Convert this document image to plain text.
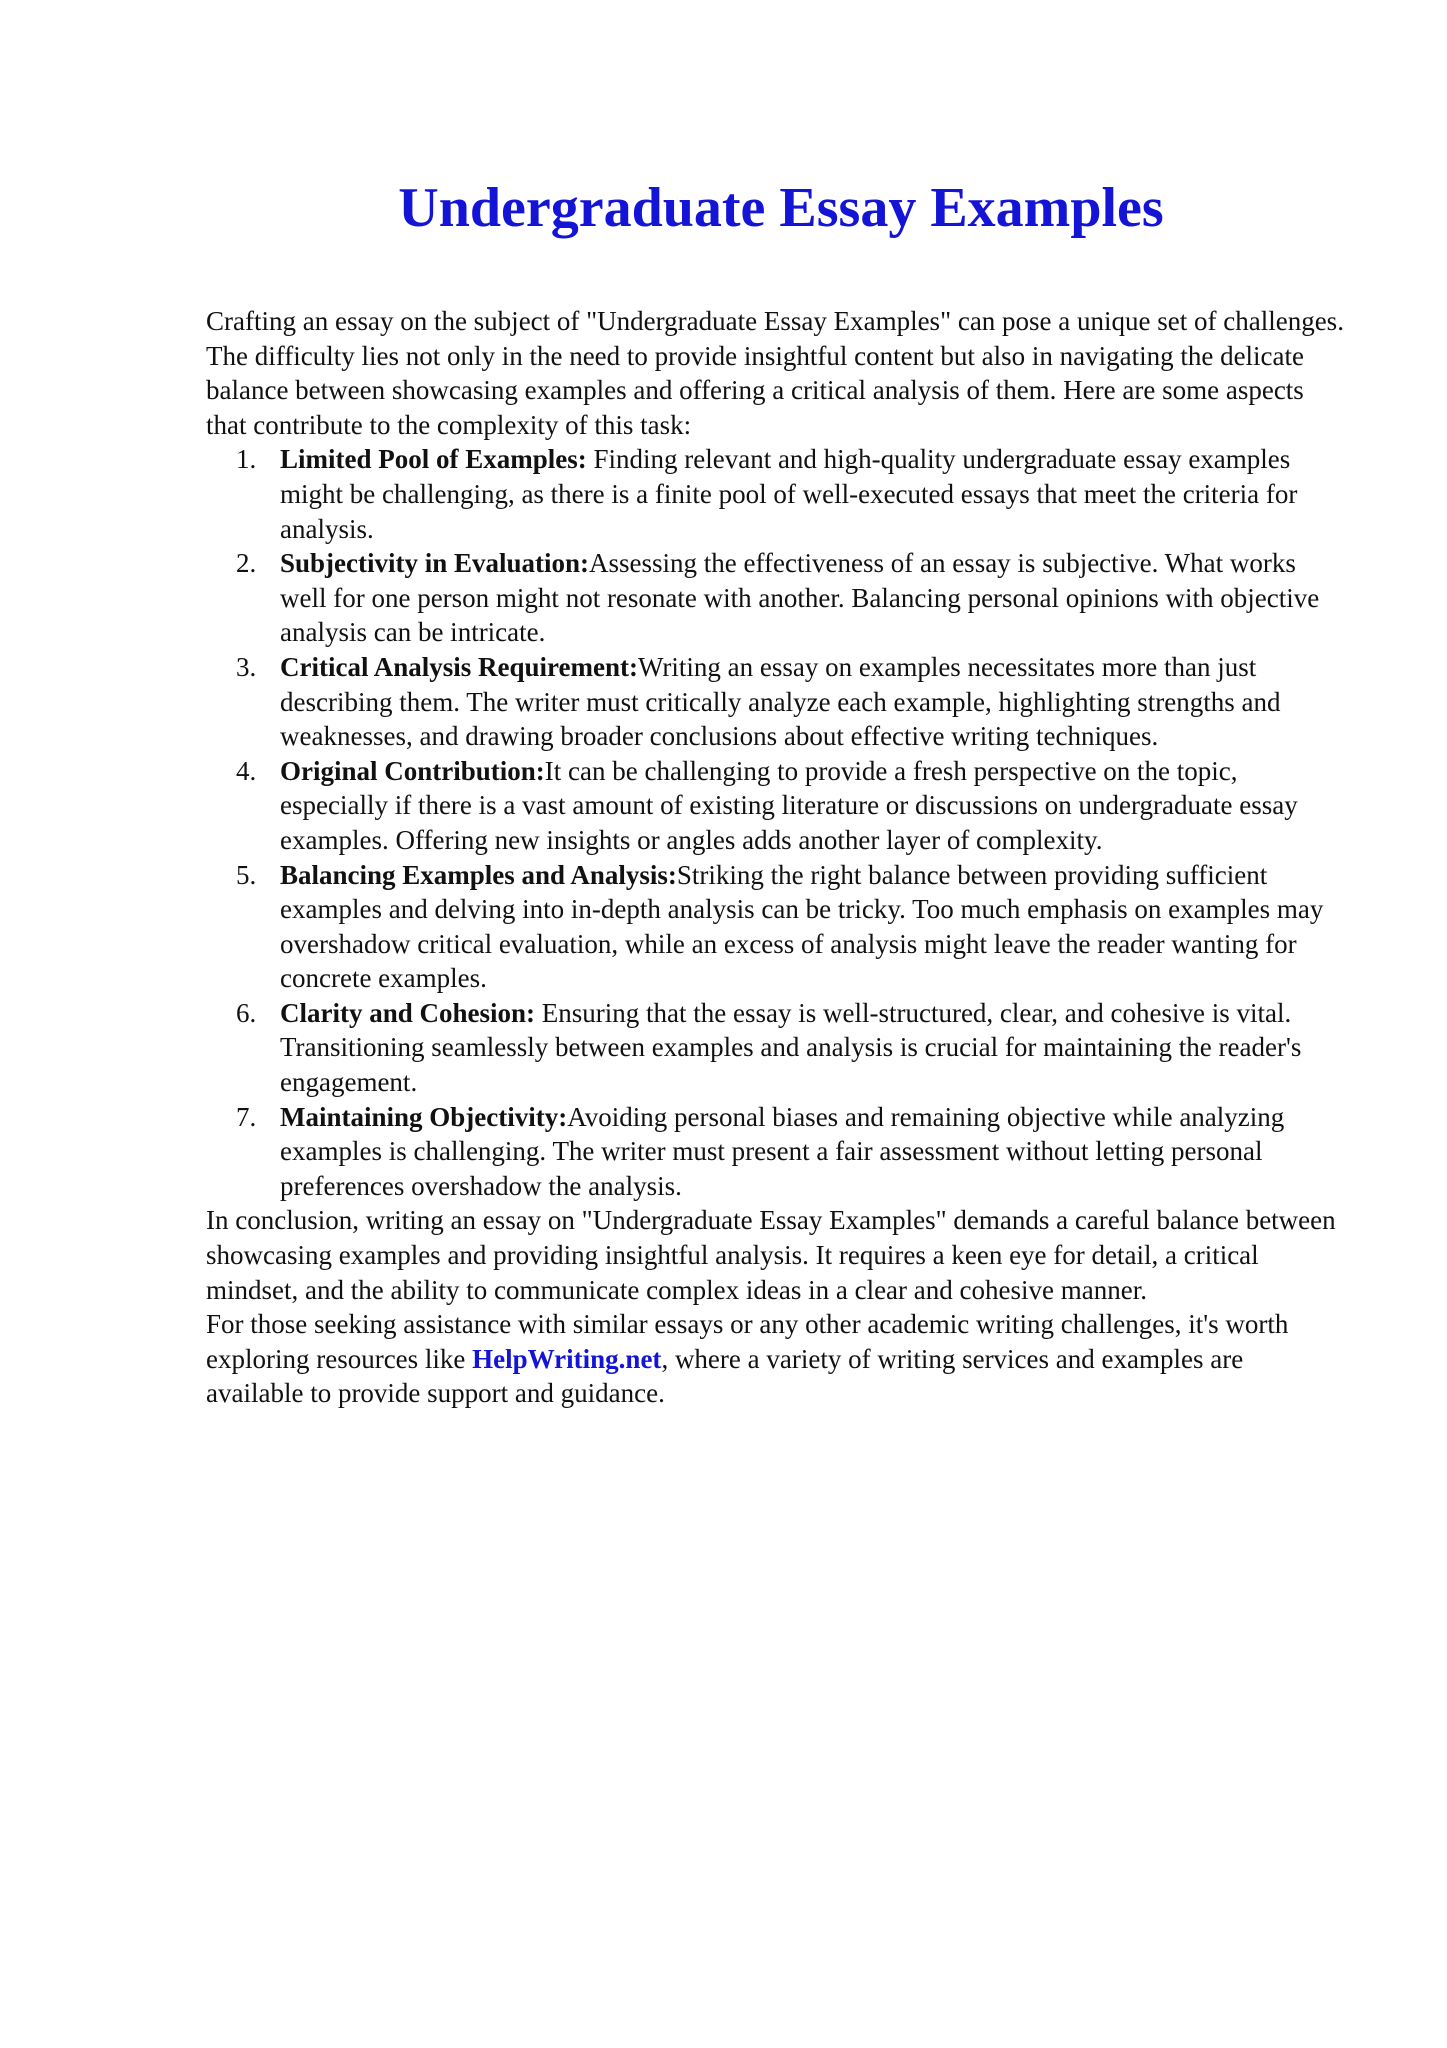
Undergraduate Essay Examples

Crafting an essay on the subject of "Undergraduate Essay Examples" can pose a unique set of challenges. The difficulty lies not only in the need to provide insightful content but also in navigating the delicate balance between showcasing examples and offering a critical analysis of them. Here are some aspects that contribute to the complexity of this task:

1. Limited Pool of Examples: Finding relevant and high-quality undergraduate essay examples might be challenging, as there is a finite pool of well-executed essays that meet the criteria for analysis.
2. Subjectivity in Evaluation:Assessing the effectiveness of an essay is subjective. What works well for one person might not resonate with another. Balancing personal opinions with objective analysis can be intricate.
3. Critical Analysis Requirement:Writing an essay on examples necessitates more than just describing them. The writer must critically analyze each example, highlighting strengths and weaknesses, and drawing broader conclusions about effective writing techniques.
4. Original Contribution:It can be challenging to provide a fresh perspective on the topic, especially if there is a vast amount of existing literature or discussions on undergraduate essay examples. Offering new insights or angles adds another layer of complexity.
5. Balancing Examples and Analysis:Striking the right balance between providing sufficient examples and delving into in-depth analysis can be tricky. Too much emphasis on examples may overshadow critical evaluation, while an excess of analysis might leave the reader wanting for concrete examples.
6. Clarity and Cohesion: Ensuring that the essay is well-structured, clear, and cohesive is vital. Transitioning seamlessly between examples and analysis is crucial for maintaining the reader's engagement.
7. Maintaining Objectivity:Avoiding personal biases and remaining objective while analyzing examples is challenging. The writer must present a fair assessment without letting personal preferences overshadow the analysis.

In conclusion, writing an essay on "Undergraduate Essay Examples" demands a careful balance between showcasing examples and providing insightful analysis. It requires a keen eye for detail, a critical mindset, and the ability to communicate complex ideas in a clear and cohesive manner.

For those seeking assistance with similar essays or any other academic writing challenges, it's worth exploring resources like HelpWriting.net, where a variety of writing services and examples are available to provide support and guidance.
